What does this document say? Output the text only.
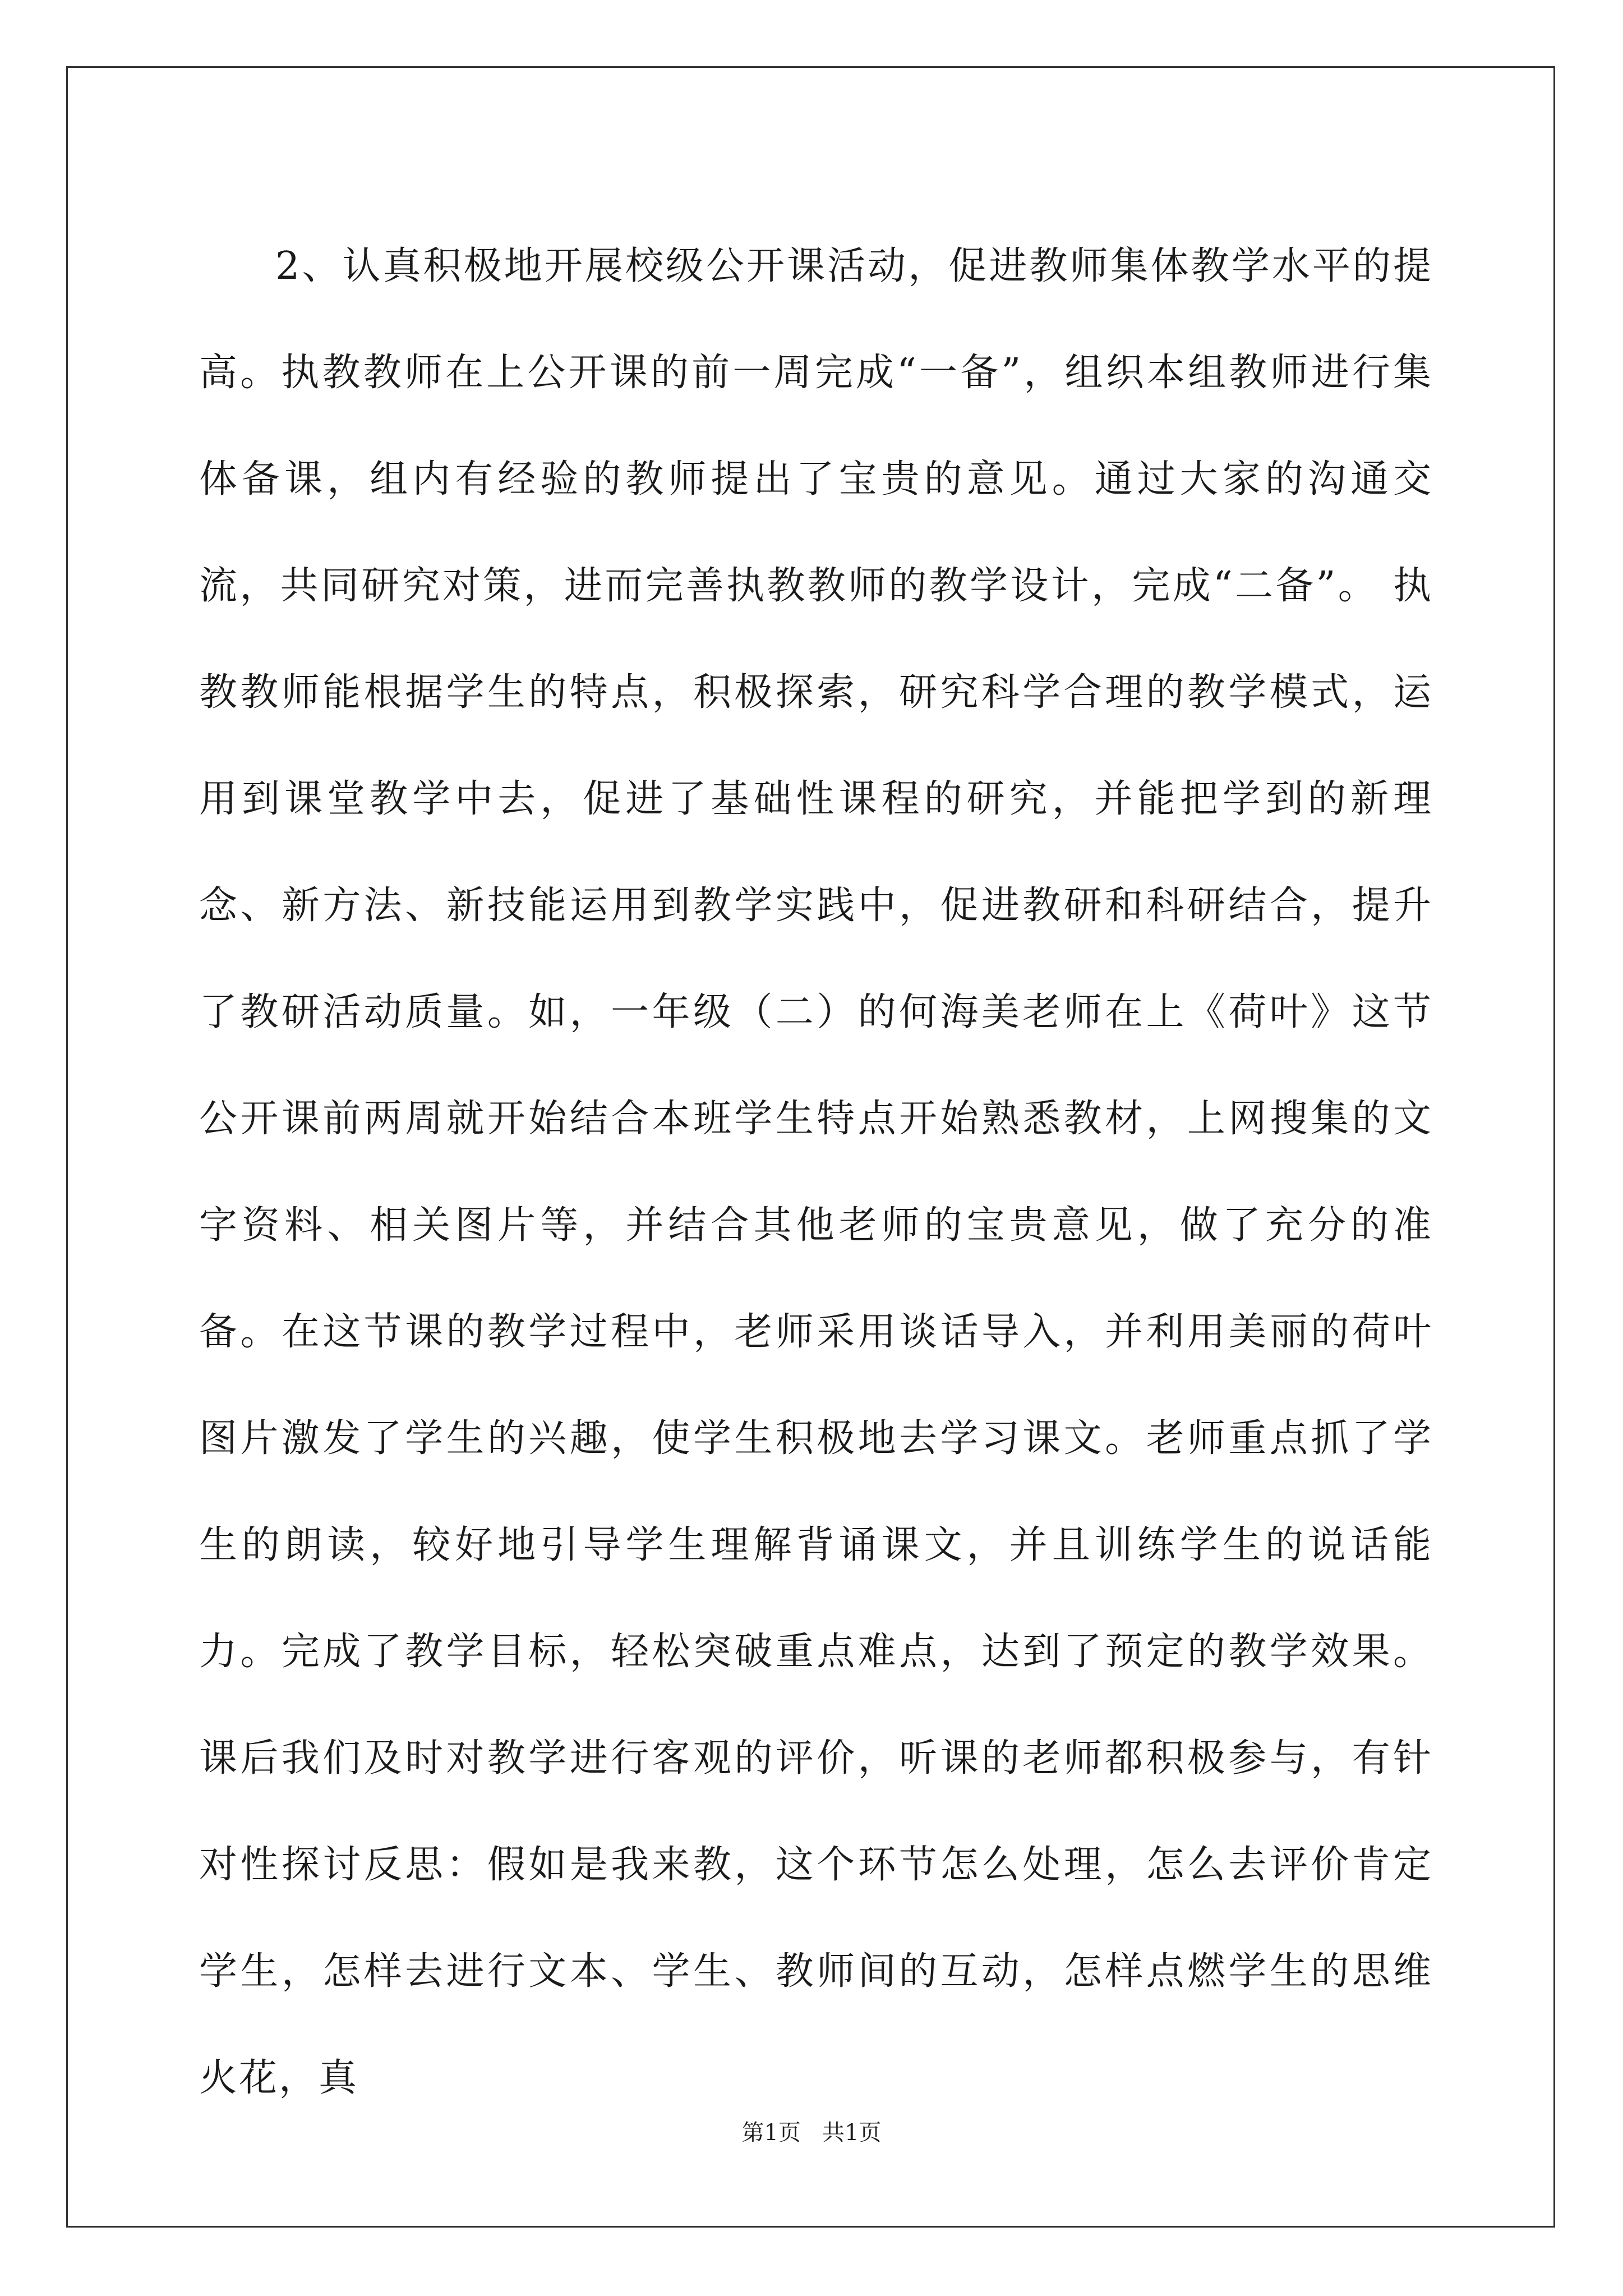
2、认真积极地开展校级公开课活动，促进教师集体教学水平的提高。执教教师在上公开课的前一周完成“一备”，组织本组教师进行集体备课，组内有经验的教师提出了宝贵的意见。通过大家的沟通交流，共同研究对策，进而完善执教教师的教学设计，完成“二备”。 执教教师能根据学生的特点，积极探索，研究科学合理的教学模式，运用到课堂教学中去，促进了基础性课程的研究，并能把学到的新理念、新方法、新技能运用到教学实践中，促进教研和科研结合，提升了教研活动质量。如，一年级（二）的何海美老师在上《荷叶》这节公开课前两周就开始结合本班学生特点开始熟悉教材，上网搜集的文字资料、相关图片等，并结合其他老师的宝贵意见，做了充分的准备。在这节课的教学过程中，老师采用谈话导入，并利用美丽的荷叶图片激发了学生的兴趣，使学生积极地去学习课文。老师重点抓了学生的朗读，较好地引导学生理解背诵课文，并且训练学生的说话能力。完成了教学目标，轻松突破重点难点，达到了预定的教学效果。课后我们及时对教学进行客观的评价，听课的老师都积极参与，有针对性探讨反思：假如是我来教，这个环节怎么处理，怎么去评价肯定学生，怎样去进行文本、学生、教师间的互动，怎样点燃学生的思维火花，真

第1页   共1页
